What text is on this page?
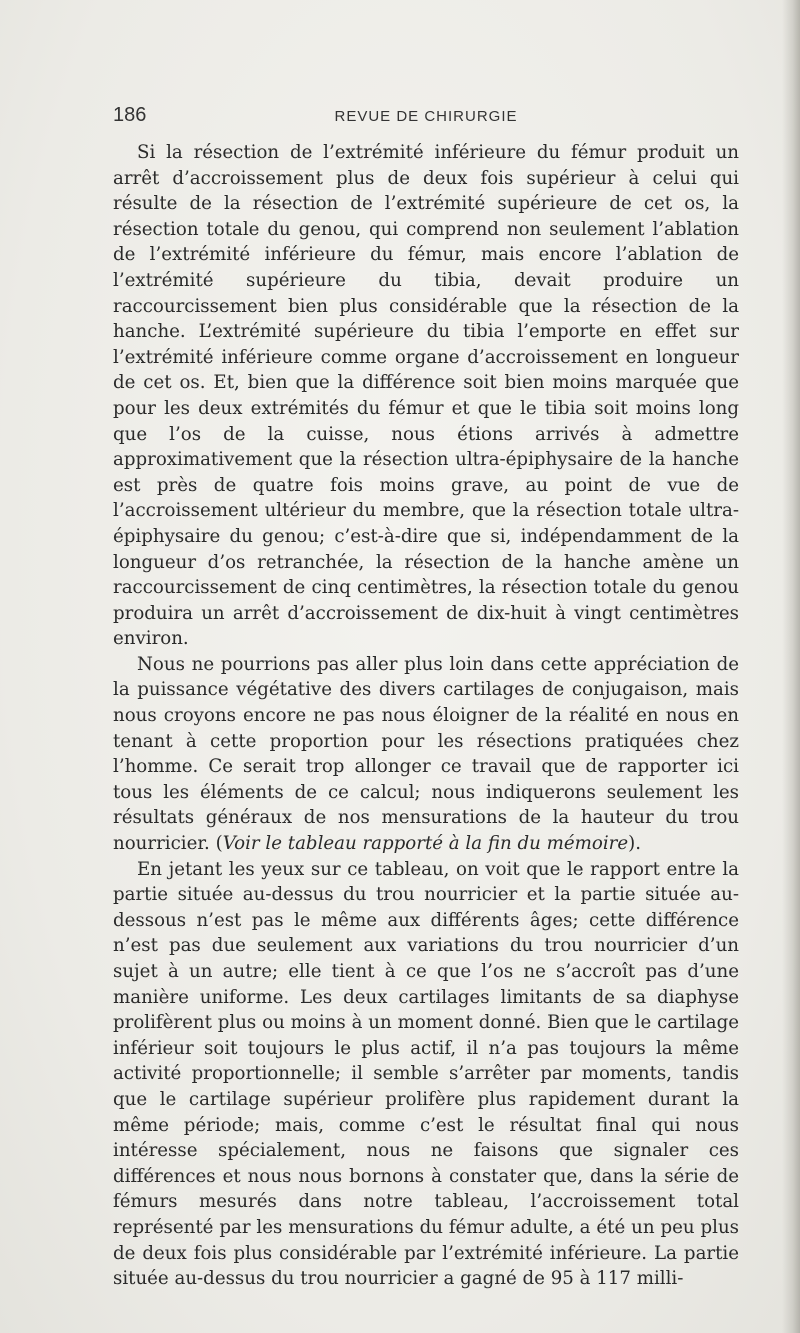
186	REVUE DE CHIRURGIE

Si la résection de l’extrémité inférieure du fémur produit un arrêt d’accroissement plus de deux fois supérieur à celui qui résulte de la résection de l’extrémité supérieure de cet os, la résection totale du genou, qui comprend non seulement l’ablation de l’extrémité inférieure du fémur, mais encore l’ablation de l’extrémité supérieure du tibia, devait produire un raccourcissement bien plus considérable que la résection de la hanche. L’extrémité supérieure du tibia l’emporte en effet sur l’extrémité inférieure comme organe d’accroissement en longueur de cet os. Et, bien que la différence soit bien moins marquée que pour les deux extrémités du fémur et que le tibia soit moins long que l’os de la cuisse, nous étions arrivés à admettre approximativement que la résection ultra-épiphysaire de la hanche est près de quatre fois moins grave, au point de vue de l’accroissement ultérieur du membre, que la résection totale ultra-épiphysaire du genou; c’est-à-dire que si, indépendamment de la longueur d’os retranchée, la résection de la hanche amène un raccourcissement de cinq centimètres, la résection totale du genou produira un arrêt d’accroissement de dix-huit à vingt centimètres environ.

Nous ne pourrions pas aller plus loin dans cette appréciation de la puissance végétative des divers cartilages de conjugaison, mais nous croyons encore ne pas nous éloigner de la réalité en nous en tenant à cette proportion pour les résections pratiquées chez l’homme. Ce serait trop allonger ce travail que de rapporter ici tous les éléments de ce calcul; nous indiquerons seulement les résultats généraux de nos mensurations de la hauteur du trou nourricier. (Voir le tableau rapporté à la fin du mémoire).

En jetant les yeux sur ce tableau, on voit que le rapport entre la partie située au-dessus du trou nourricier et la partie située au-dessous n’est pas le même aux différents âges; cette différence n’est pas due seulement aux variations du trou nourricier d’un sujet à un autre; elle tient à ce que l’os ne s’accroît pas d’une manière uniforme. Les deux cartilages limitants de sa diaphyse prolifèrent plus ou moins à un moment donné. Bien que le cartilage inférieur soit toujours le plus actif, il n’a pas toujours la même activité proportionnelle; il semble s’arrêter par moments, tandis que le cartilage supérieur prolifère plus rapidement durant la même période; mais, comme c’est le résultat final qui nous intéresse spécialement, nous ne faisons que signaler ces différences et nous nous bornons à constater que, dans la série de fémurs mesurés dans notre tableau, l’accroissement total représenté par les mensurations du fémur adulte, a été un peu plus de deux fois plus considérable par l’extrémité inférieure. La partie située au-dessus du trou nourricier a gagné de 95 à 117 milli-
